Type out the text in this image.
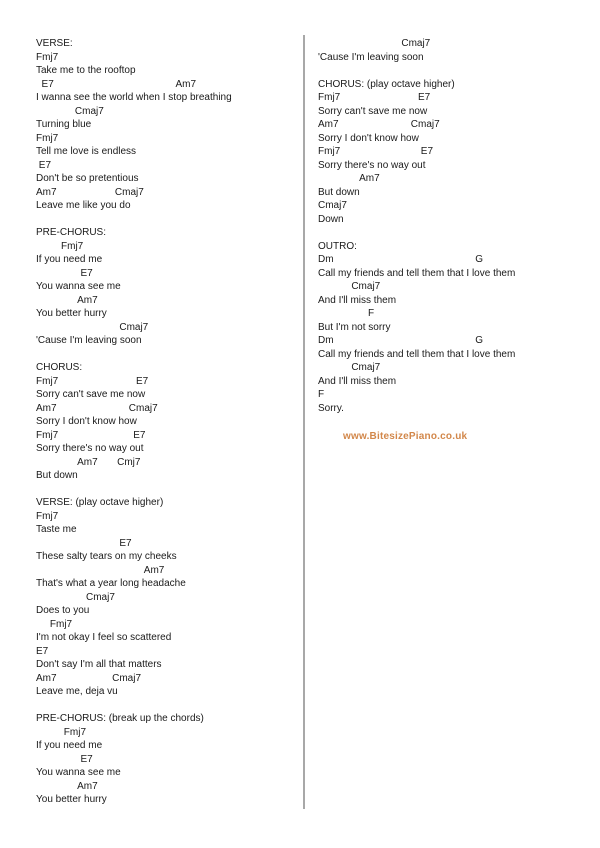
VERSE:
Fmj7
Take me to the rooftop
E7                                            Am7
I wanna see the world when I stop breathing
Cmaj7
Turning blue
Fmj7
Tell me love is endless
E7
Don't be so pretentious
Am7                     Cmaj7
Leave me like you do

PRE-CHORUS:
Fmj7
If you need me
E7
You wanna see me
Am7
You better hurry
Cmaj7
'Cause I'm leaving soon

CHORUS:
Fmj7                            E7
Sorry can't save me now
Am7                          Cmaj7
Sorry I don't know how
Fmj7                           E7
Sorry there's no way out
Am7       Cmj7
But down

VERSE: (play octave higher)
Fmj7
Taste me
E7
These salty tears on my cheeks
Am7
That's what a year long headache
Cmaj7
Does to you
Fmj7
I'm not okay I feel so scattered
E7
Don't say I'm all that matters
Am7                    Cmaj7
Leave me, deja vu

PRE-CHORUS: (break up the chords)
Fmj7
If you need me
E7
You wanna see me
Am7
You better hurry
Cmaj7
'Cause I'm leaving soon

CHORUS: (play octave higher)
Fmj7                            E7
Sorry can't save me now
Am7                          Cmaj7
Sorry I don't know how
Fmj7                             E7
Sorry there's no way out
Am7
But down
Cmaj7
Down

OUTRO:
Dm                                                   G
Call my friends and tell them that I love them
Cmaj7
And I'll miss them
F
But I'm not sorry
Dm                                                   G
Call my friends and tell them that I love them
Cmaj7
And I'll miss them
F
Sorry.
www.BitesizePiano.co.uk
